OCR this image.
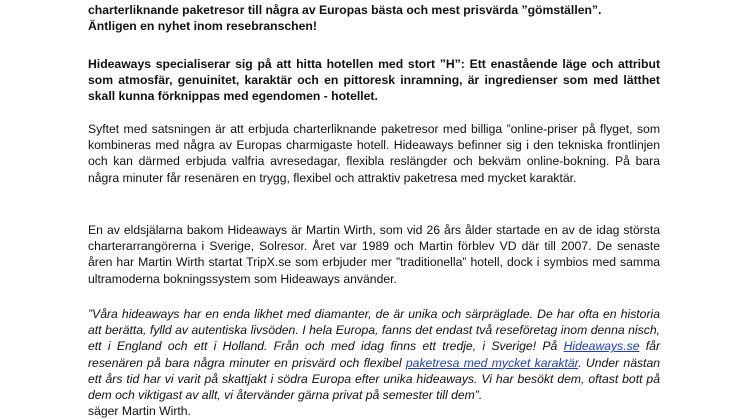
charterliknande paketresor till några av Europas bästa och mest prisvärda ”gömställen”.
Äntligen en nyhet inom resebranschen!

Hideaways specialiserar sig på att hitta hotellen med stort ”H”: Ett enastående läge och attribut som atmosfär, genuinitet, karaktär och en pittoresk inramning, är ingredienser som med lätthet skall kunna förknippas med egendomen - hotellet.

Syftet med satsningen är att erbjuda charterliknande paketresor med billiga ”online-priser på flyget, som kombineras med några av Europas charmigaste hotell. Hideaways befinner sig i den tekniska frontlinjen och kan därmed erbjuda valfria avresedagar, flexibla reslängder och bekväm online-bokning. På bara några minuter får resenären en trygg, flexibel och attraktiv paketresa med mycket karaktär.

En av eldsjälarna bakom Hideaways är Martin Wirth, som vid 26 års ålder startade en av de idag största charterarrangörerna i Sverige, Solresor. Året var 1989 och Martin förblev VD där till 2007. De senaste åren har Martin Wirth startat TripX.se som erbjuder mer ”traditionella” hotell, dock i symbios med samma ultramoderna bokningssystem som Hideaways använder.

”Våra hideaways har en enda likhet med diamanter, de är unika och särpräglade. De har ofta en historia att berätta, fylld av autentiska livsöden. I hela Europa, fanns det endast två reseföretag inom denna nisch, ett i England och ett i Holland. Från och med idag finns ett tredje, i Sverige! På Hideaways.se får resenären på bara några minuter en prisvärd och flexibel paketresa med mycket karaktär. Under nästan ett års tid har vi varit på skattjakt i södra Europa efter unika hideaways. Vi har besökt dem, oftast bott på dem och viktigast av allt, vi återvänder gärna privat på semester till dem”.
säger Martin Wirth.
